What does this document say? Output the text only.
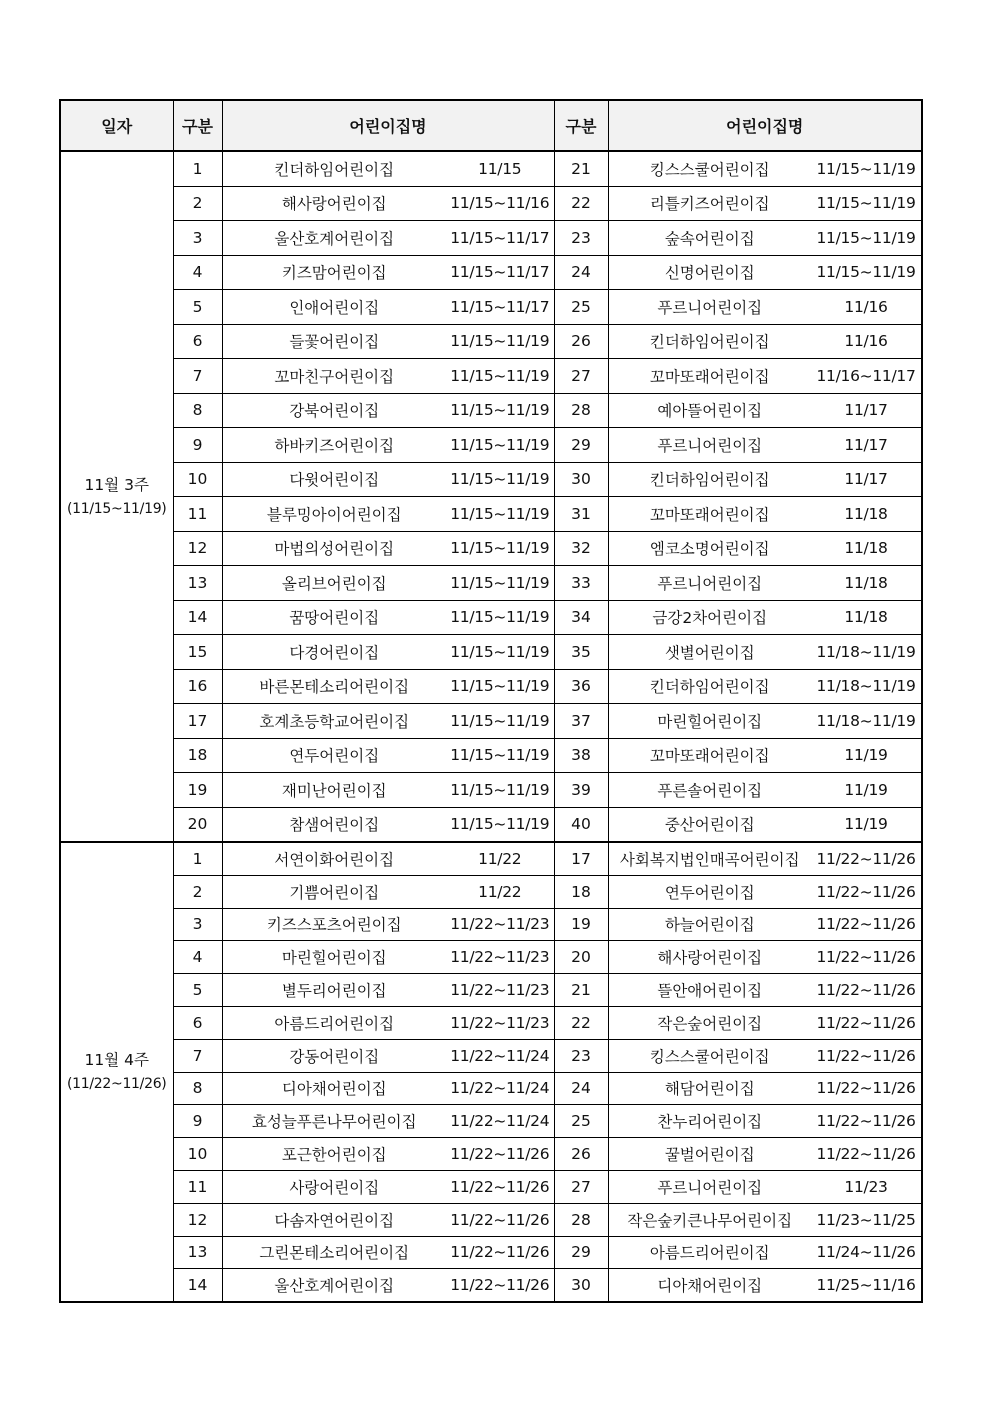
일자	구분	어린이집명		구분	어린이집명	

11월 3주
(11/15~11/19)	1	킨더하임어린이집	11/15	21	킹스스쿨어린이집	11/15~11/19
	2	해사랑어린이집	11/15~11/16	22	리틀키즈어린이집	11/15~11/19
	3	울산호계어린이집	11/15~11/17	23	숲속어린이집	11/15~11/19
	4	키즈맘어린이집	11/15~11/17	24	신명어린이집	11/15~11/19
	5	인애어린이집	11/15~11/17	25	푸르니어린이집	11/16
	6	들꽃어린이집	11/15~11/19	26	킨더하임어린이집	11/16
	7	꼬마친구어린이집	11/15~11/19	27	꼬마또래어린이집	11/16~11/17
	8	강북어린이집	11/15~11/19	28	예아뜰어린이집	11/17
	9	하바키즈어린이집	11/15~11/19	29	푸르니어린이집	11/17
	10	다윗어린이집	11/15~11/19	30	킨더하임어린이집	11/17
	11	블루밍아이어린이집	11/15~11/19	31	꼬마또래어린이집	11/18
	12	마법의성어린이집	11/15~11/19	32	엠코소명어린이집	11/18
	13	올리브어린이집	11/15~11/19	33	푸르니어린이집	11/18
	14	꿈땅어린이집	11/15~11/19	34	금강2차어린이집	11/18
	15	다경어린이집	11/15~11/19	35	샛별어린이집	11/18~11/19
	16	바른몬테소리어린이집	11/15~11/19	36	킨더하임어린이집	11/18~11/19
	17	호계초등학교어린이집	11/15~11/19	37	마린힐어린이집	11/18~11/19
	18	연두어린이집	11/15~11/19	38	꼬마또래어린이집	11/19
	19	재미난어린이집	11/15~11/19	39	푸른솔어린이집	11/19
	20	참샘어린이집	11/15~11/19	40	중산어린이집	11/19

11월 4주
(11/22~11/26)	1	서연이화어린이집	11/22	17	사회복지법인매곡어린이집	11/22~11/26
	2	기쁨어린이집	11/22	18	연두어린이집	11/22~11/26
	3	키즈스포츠어린이집	11/22~11/23	19	하늘어린이집	11/22~11/26
	4	마린힐어린이집	11/22~11/23	20	해사랑어린이집	11/22~11/26
	5	별두리어린이집	11/22~11/23	21	뜰안애어린이집	11/22~11/26
	6	아름드리어린이집	11/22~11/23	22	작은숲어린이집	11/22~11/26
	7	강동어린이집	11/22~11/24	23	킹스스쿨어린이집	11/22~11/26
	8	디아채어린이집	11/22~11/24	24	해담어린이집	11/22~11/26
	9	효성늘푸른나무어린이집	11/22~11/24	25	찬누리어린이집	11/22~11/26
	10	포근한어린이집	11/22~11/26	26	꿀벌어린이집	11/22~11/26
	11	사랑어린이집	11/22~11/26	27	푸르니어린이집	11/23
	12	다솜자연어린이집	11/22~11/26	28	작은숲키큰나무어린이집	11/23~11/25
	13	그린몬테소리어린이집	11/22~11/26	29	아름드리어린이집	11/24~11/26
	14	울산호계어린이집	11/22~11/26	30	디아채어린이집	11/25~11/16
